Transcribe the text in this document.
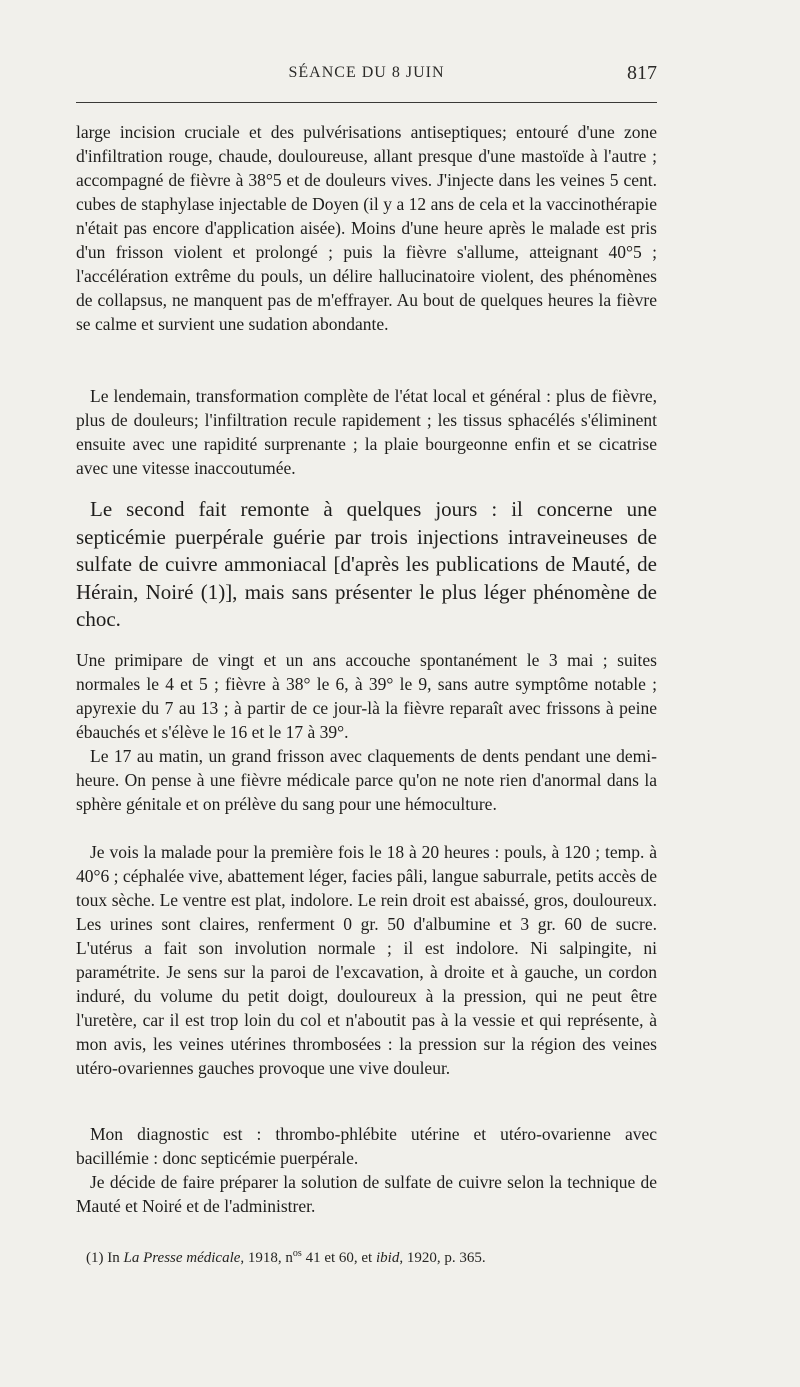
SÉANCE DU 8 JUIN	817

large incision cruciale et des pulvérisations antiseptiques; entouré d'une zone d'infiltration rouge, chaude, douloureuse, allant presque d'une mastoïde à l'autre ; accompagné de fièvre à 38°5 et de douleurs vives. J'injecte dans les veines 5 cent. cubes de staphylase injectable de Doyen (il y a 12 ans de cela et la vaccinothérapie n'était pas encore d'application aisée). Moins d'une heure après le malade est pris d'un frisson violent et prolongé ; puis la fièvre s'allume, atteignant 40°5 ; l'accélération extrême du pouls, un délire hallucinatoire violent, des phénomènes de collapsus, ne manquent pas de m'effrayer. Au bout de quelques heures la fièvre se calme et survient une sudation abondante.

Le lendemain, transformation complète de l'état local et général : plus de fièvre, plus de douleurs; l'infiltration recule rapidement ; les tissus sphacélés s'éliminent ensuite avec une rapidité surprenante ; la plaie bourgeonne enfin et se cicatrise avec une vitesse inaccoutumée.

Le second fait remonte à quelques jours : il concerne une septicémie puerpérale guérie par trois injections intraveineuses de sulfate de cuivre ammoniacal [d'après les publications de Mauté, de Hérain, Noiré (1)], mais sans présenter le plus léger phénomène de choc.

Une primipare de vingt et un ans accouche spontanément le 3 mai ; suites normales le 4 et 5 ; fièvre à 38° le 6, à 39° le 9, sans autre symptôme notable ; apyrexie du 7 au 13 ; à partir de ce jour-là la fièvre reparaît avec frissons à peine ébauchés et s'élève le 16 et le 17 à 39°.

Le 17 au matin, un grand frisson avec claquements de dents pendant une demi-heure. On pense à une fièvre médicale parce qu'on ne note rien d'anormal dans la sphère génitale et on prélève du sang pour une hémoculture.

Je vois la malade pour la première fois le 18 à 20 heures : pouls, à 120 ; temp. à 40°6 ; céphalée vive, abattement léger, facies pâli, langue saburrale, petits accès de toux sèche. Le ventre est plat, indolore. Le rein droit est abaissé, gros, douloureux. Les urines sont claires, renferment 0 gr. 50 d'albumine et 3 gr. 60 de sucre. L'utérus a fait son involution normale ; il est indolore. Ni salpingite, ni paramétrite. Je sens sur la paroi de l'excavation, à droite et à gauche, un cordon induré, du volume du petit doigt, douloureux à la pression, qui ne peut être l'uretère, car il est trop loin du col et n'aboutit pas à la vessie et qui représente, à mon avis, les veines utérines thrombosées : la pression sur la région des veines utéro-ovariennes gauches provoque une vive douleur.

Mon diagnostic est : thrombo-phlébite utérine et utéro-ovarienne avec bacillémie : donc septicémie puerpérale.

Je décide de faire préparer la solution de sulfate de cuivre selon la technique de Mauté et Noiré et de l'administrer.

(1) In La Presse médicale, 1918, $n^{os}$ 41 et 60, et ibid, 1920, p. 365.
